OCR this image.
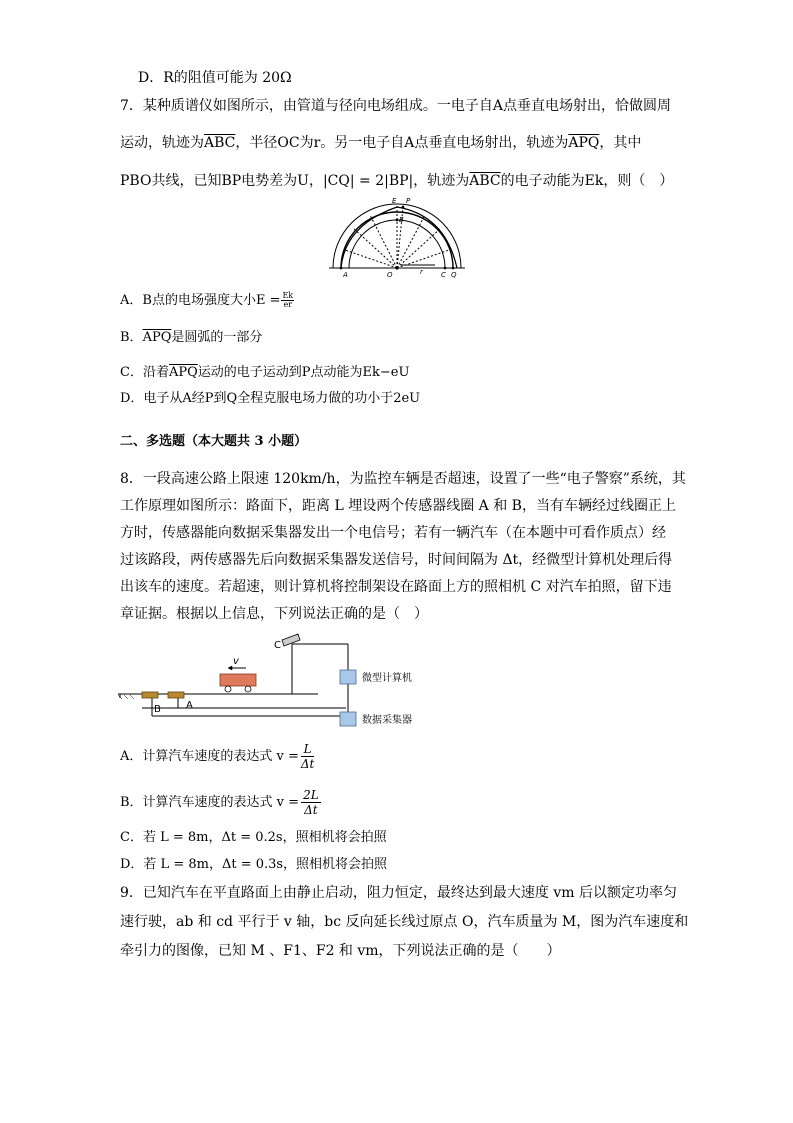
D．R的阻值可能为 20Ω
7．某种质谱仪如图所示，由管道与径向电场组成。一电子自A点垂直电场射出，恰做圆周
运动，轨迹为$\overline{ABC}$，半径OC为r。另一电子自A点垂直电场射出，轨迹为$\overline{APQ}$，其中
PBO共线，已知BP电势差为U，|CQ| = 2|BP|，轨迹为$\overline{ABC}$的电子动能为Ek，则（　）
E P
B
A	O	r	C Q
A．B点的电场强度大小$E = \frac{Ek}{er}$
B．$\overline{APQ}$是圆弧的一部分
C．沿着$\overline{APQ}$运动的电子运动到P点动能为Ek−eU
D．电子从A经P到Q全程克服电场力做的功小于2eU
二、多选题（本大题共 3 小题）
8．一段高速公路上限速 120km/h，为监控车辆是否超速，设置了一些“电子警察”系统，其
工作原理如图所示：路面下，距离 L 埋设两个传感器线圈 A 和 B，当有车辆经过线圈正上
方时，传感器能向数据采集器发出一个电信号；若有一辆汽车（在本题中可看作质点）经
过该路段，两传感器先后向数据采集器发送信号，时间间隔为 Δt，经微型计算机处理后得
出该车的速度。若超速，则计算机将控制架设在路面上方的照相机 C 对汽车拍照，留下违
章证据。根据以上信息，下列说法正确的是（　）
C
v
B	A
微型计算机
数据采集器
A．计算汽车速度的表达式 $v = \frac{L}{\Delta t}$
B．计算汽车速度的表达式 $v = \frac{2L}{\Delta t}$
C．若 L = 8m，Δt = 0.2s，照相机将会拍照
D．若 L = 8m，Δt = 0.3s，照相机将会拍照
9．已知汽车在平直路面上由静止启动，阻力恒定，最终达到最大速度 vm 后以额定功率匀
速行驶，ab 和 cd 平行于 v 轴，bc 反向延长线过原点 O，汽车质量为 M，图为汽车速度和
牵引力的图像，已知 M 、F1、F2 和 vm，下列说法正确的是（　　）
